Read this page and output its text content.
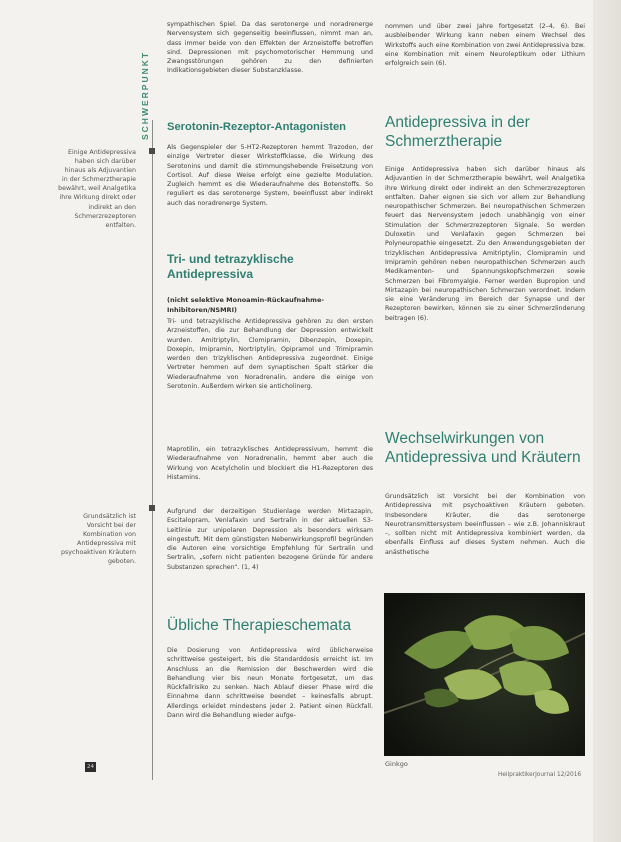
SCHWERPUNKT

Einige Antidepressiva haben sich darüber hinaus als Adjuvantien in der Schmerztherapie bewährt, weil Analgetika ihre Wirkung direkt oder indirekt an den Schmerzrezeptoren entfalten.

Grundsätzlich ist Vorsicht bei der Kombination von Antidepressiva mit psychoaktiven Kräutern geboten.

sympathischen Spiel. Da das serotonerge und noradrenerge Nervensystem sich gegenseitig beeinflussen, nimmt man an, dass immer beide von den Effekten der Arzneistoffe betroffen sind. Depressionen mit psychomotorischer Hemmung und Zwangsstörungen gehören zu den definierten Indikationsgebieten dieser Substanzklasse.

Serotonin-Rezeptor-Antagonisten

Als Gegenspieler der 5-HT2-Rezeptoren hemmt Trazodon, der einzige Vertreter dieser Wirkstoffklasse, die Wirkung des Serotonins und damit die stimmungshebende Freisetzung von Cortisol. Auf diese Weise erfolgt eine gezielte Modulation. Zugleich hemmt es die Wiederaufnahme des Botenstoffs. So reguliert es das serotonerge System, beeinflusst aber indirekt auch das noradrenerge System.

Tri- und tetrazyklische Antidepressiva

(nicht selektive Monoamin-Rückaufnahme-Inhibitoren/NSMRI)

Tri- und tetrazyklische Antidepressiva gehören zu den ersten Arzneistoffen, die zur Behandlung der Depression entwickelt wurden. Amitriptylin, Clomipramin, Dibenzepin, Doxepin, Doxepin, Imipramin, Nortriptylin, Opipramol und Trimipramin werden den trizyklischen Antidepressiva zugeordnet. Einige Vertreter hemmen auf dem synaptischen Spalt stärker die Wiederaufnahme von Noradrenalin, andere die einige von Serotonin. Außerdem wirken sie anticholinerg.

Maprotilin, ein tetrazyklisches Antidepressivum, hemmt die Wiederaufnahme von Noradrenalin, hemmt aber auch die Wirkung von Acetylcholin und blockiert die H1-Rezeptoren des Histamins.

Aufgrund der derzeitigen Studienlage werden Mirtazapin, Escitalopram, Venlafaxin und Sertralin in der aktuellen S3-Leitlinie zur unipolaren Depression als besonders wirksam eingestuft. Mit dem günstigsten Nebenwirkungsprofil begründen die Autoren eine vorsichtige Empfehlung für Sertralin und Sertralin, „sofern nicht patienten bezogene Gründe für andere Substanzen sprechen“. (1, 4)

Übliche Therapieschemata

Die Dosierung von Antidepressiva wird üblicherweise schrittweise gesteigert, bis die Standarddosis erreicht ist. Im Anschluss an die Remission der Beschwerden wird die Behandlung vier bis neun Monate fortgesetzt, um das Rückfallrisiko zu senken. Nach Ablauf dieser Phase wird die Einnahme dann schrittweise beendet – keinesfalls abrupt. Allerdings erleidet mindestens jeder 2. Patient einen Rückfall. Dann wird die Behandlung wieder aufge-

nommen und über zwei Jahre fortgesetzt (2–4, 6). Bei ausbleibender Wirkung kann neben einem Wechsel des Wirkstoffs auch eine Kombination von zwei Antidepressiva bzw. eine Kombination mit einem Neuroleptikum oder Lithium erfolgreich sein (6).

Antidepressiva in der Schmerztherapie

Einige Antidepressiva haben sich darüber hinaus als Adjuvantien in der Schmerztherapie bewährt, weil Analgetika ihre Wirkung direkt oder indirekt an den Schmerzrezeptoren entfalten. Daher eignen sie sich vor allem zur Behandlung neuropathischer Schmerzen. Bei neuropathischen Schmerzen feuert das Nervensystem jedoch unabhängig von einer Stimulation der Schmerzrezeptoren Signale. So werden Duloxetin und Venlafaxin gegen Schmerzen bei Polyneuropathie eingesetzt. Zu den Anwendungsgebieten der trizyklischen Antidepressiva Amitriptylin, Clomipramin und Imipramin gehören neben neuropathischen Schmerzen auch Medikamenten- und Spannungskopfschmerzen sowie Schmerzen bei Fibromyalgie. Ferner werden Bupropion und Mirtazapin bei neuropathischen Schmerzen verordnet. Indem sie eine Veränderung im Bereich der Synapse und der Rezeptoren bewirken, können sie zu einer Schmerzlinderung beitragen (6).

Wechselwirkungen von Antidepressiva und Kräutern

Grundsätzlich ist Vorsicht bei der Kombination von Antidepressiva mit psychoaktiven Kräutern geboten. Insbesondere Kräuter, die das serotonerge Neurotransmittersystem beeinflussen – wie z.B. Johanniskraut –, sollten nicht mit Antidepressiva kombiniert werden, da ebenfalls Einfluss auf dieses System nehmen. Auch die anästhetische

Ginkgo

24

HeilpraktikerJournal 12/2016
